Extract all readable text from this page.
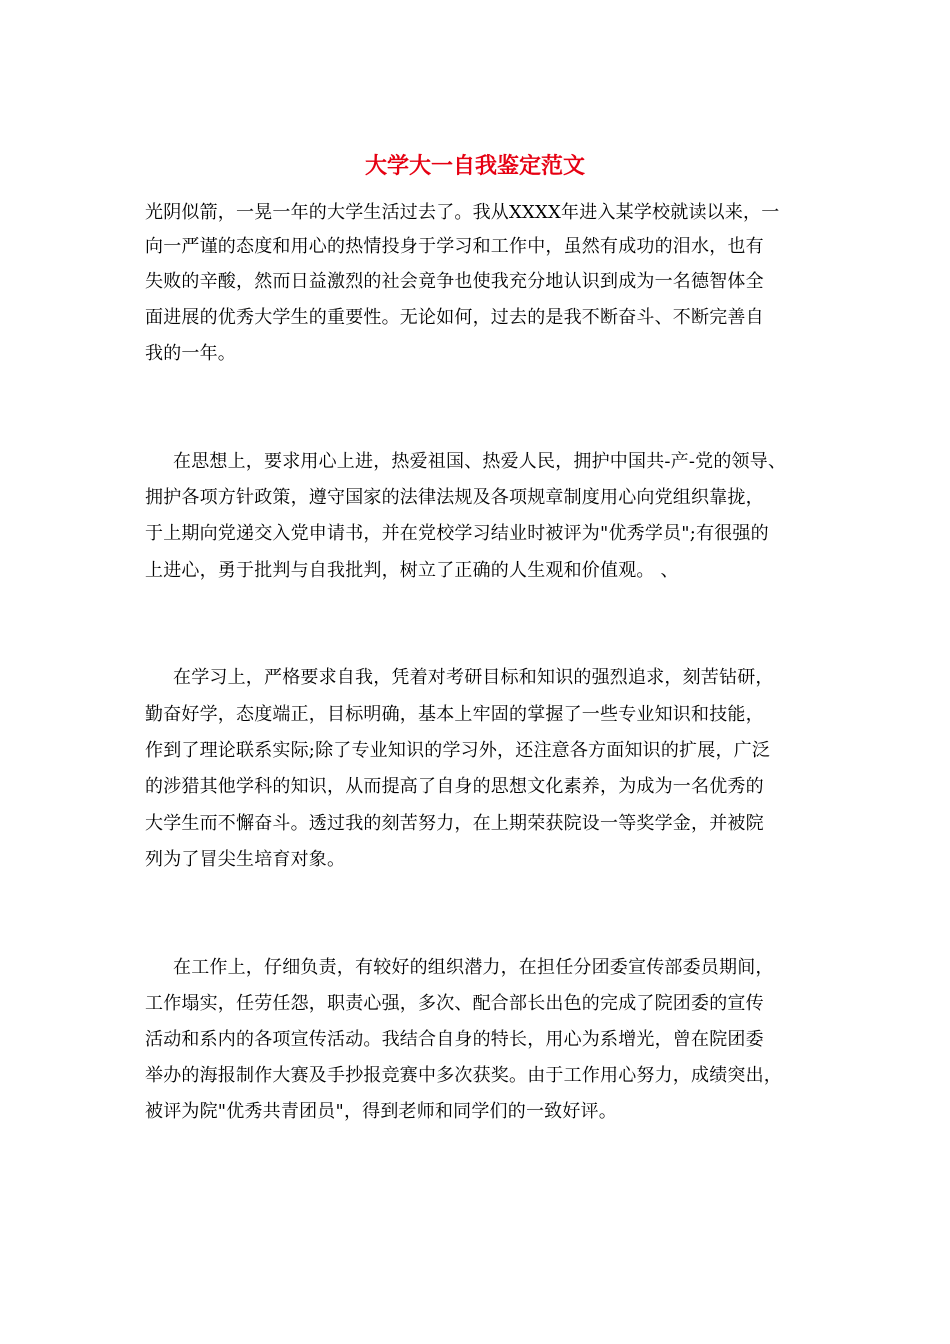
大学大一自我鉴定范文
光阴似箭，一晃一年的大学生活过去了。我从XXXX年进入某学校就读以来，一
向一严谨的态度和用心的热情投身于学习和工作中，虽然有成功的泪水，也有
失败的辛酸，然而日益激烈的社会竟争也使我充分地认识到成为一名德智体全
面进展的优秀大学生的重要性。无论如何，过去的是我不断奋斗、不断完善自
我的一年。
在思想上，要求用心上进，热爱祖国、热爱人民，拥护中国共-产-党的领导、
拥护各项方针政策，遵守国家的法律法规及各项规章制度用心向党组织靠拢，
于上期向党递交入党申请书，并在党校学习结业时被评为"优秀学员";有很强的
上进心，勇于批判与自我批判，树立了正确的人生观和价值观。 、
在学习上，严格要求自我，凭着对考研目标和知识的强烈追求，刻苦钻研，
勤奋好学，态度端正，目标明确，基本上牢固的掌握了一些专业知识和技能，
作到了理论联系实际;除了专业知识的学习外，还注意各方面知识的扩展，广泛
的涉猎其他学科的知识，从而提高了自身的思想文化素养，为成为一名优秀的
大学生而不懈奋斗。透过我的刻苦努力，在上期荣获院设一等奖学金，并被院
列为了冒尖生培育对象。
在工作上，仔细负责，有较好的组织潜力，在担任分团委宣传部委员期间，
工作塌实，任劳任怨，职责心强，多次、配合部长出色的完成了院团委的宣传
活动和系内的各项宣传活动。我结合自身的特长，用心为系增光，曾在院团委
举办的海报制作大赛及手抄报竞赛中多次获奖。由于工作用心努力，成绩突出，
被评为院"优秀共青团员"，得到老师和同学们的一致好评。
